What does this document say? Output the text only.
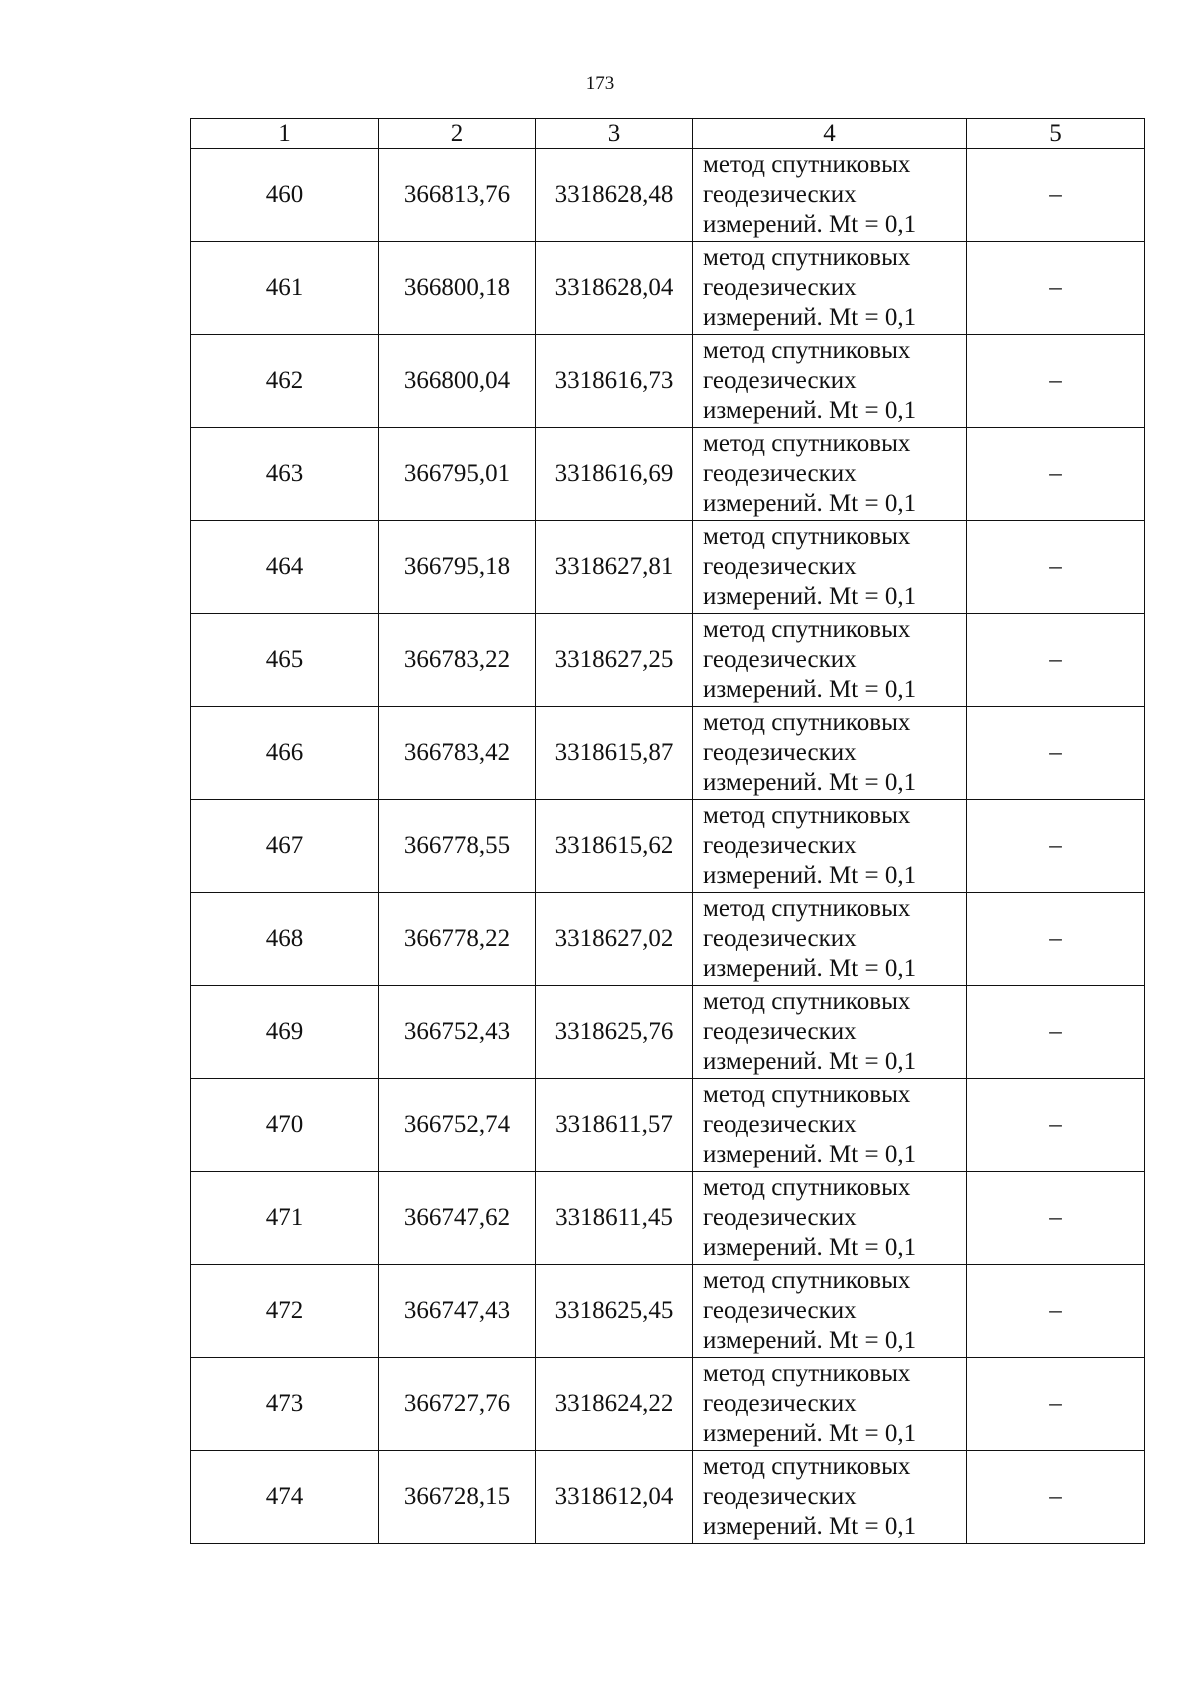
173
1	2	3	4	5
460	366813,76	3318628,48	метод спутниковых
геодезических
измерений. Mt = 0,1	–
461	366800,18	3318628,04	метод спутниковых
геодезических
измерений. Mt = 0,1	–
462	366800,04	3318616,73	метод спутниковых
геодезических
измерений. Mt = 0,1	–
463	366795,01	3318616,69	метод спутниковых
геодезических
измерений. Mt = 0,1	–
464	366795,18	3318627,81	метод спутниковых
геодезических
измерений. Mt = 0,1	–
465	366783,22	3318627,25	метод спутниковых
геодезических
измерений. Mt = 0,1	–
466	366783,42	3318615,87	метод спутниковых
геодезических
измерений. Mt = 0,1	–
467	366778,55	3318615,62	метод спутниковых
геодезических
измерений. Mt = 0,1	–
468	366778,22	3318627,02	метод спутниковых
геодезических
измерений. Mt = 0,1	–
469	366752,43	3318625,76	метод спутниковых
геодезических
измерений. Mt = 0,1	–
470	366752,74	3318611,57	метод спутниковых
геодезических
измерений. Mt = 0,1	–
471	366747,62	3318611,45	метод спутниковых
геодезических
измерений. Mt = 0,1	–
472	366747,43	3318625,45	метод спутниковых
геодезических
измерений. Mt = 0,1	–
473	366727,76	3318624,22	метод спутниковых
геодезических
измерений. Mt = 0,1	–
474	366728,15	3318612,04	метод спутниковых
геодезических
измерений. Mt = 0,1	–
